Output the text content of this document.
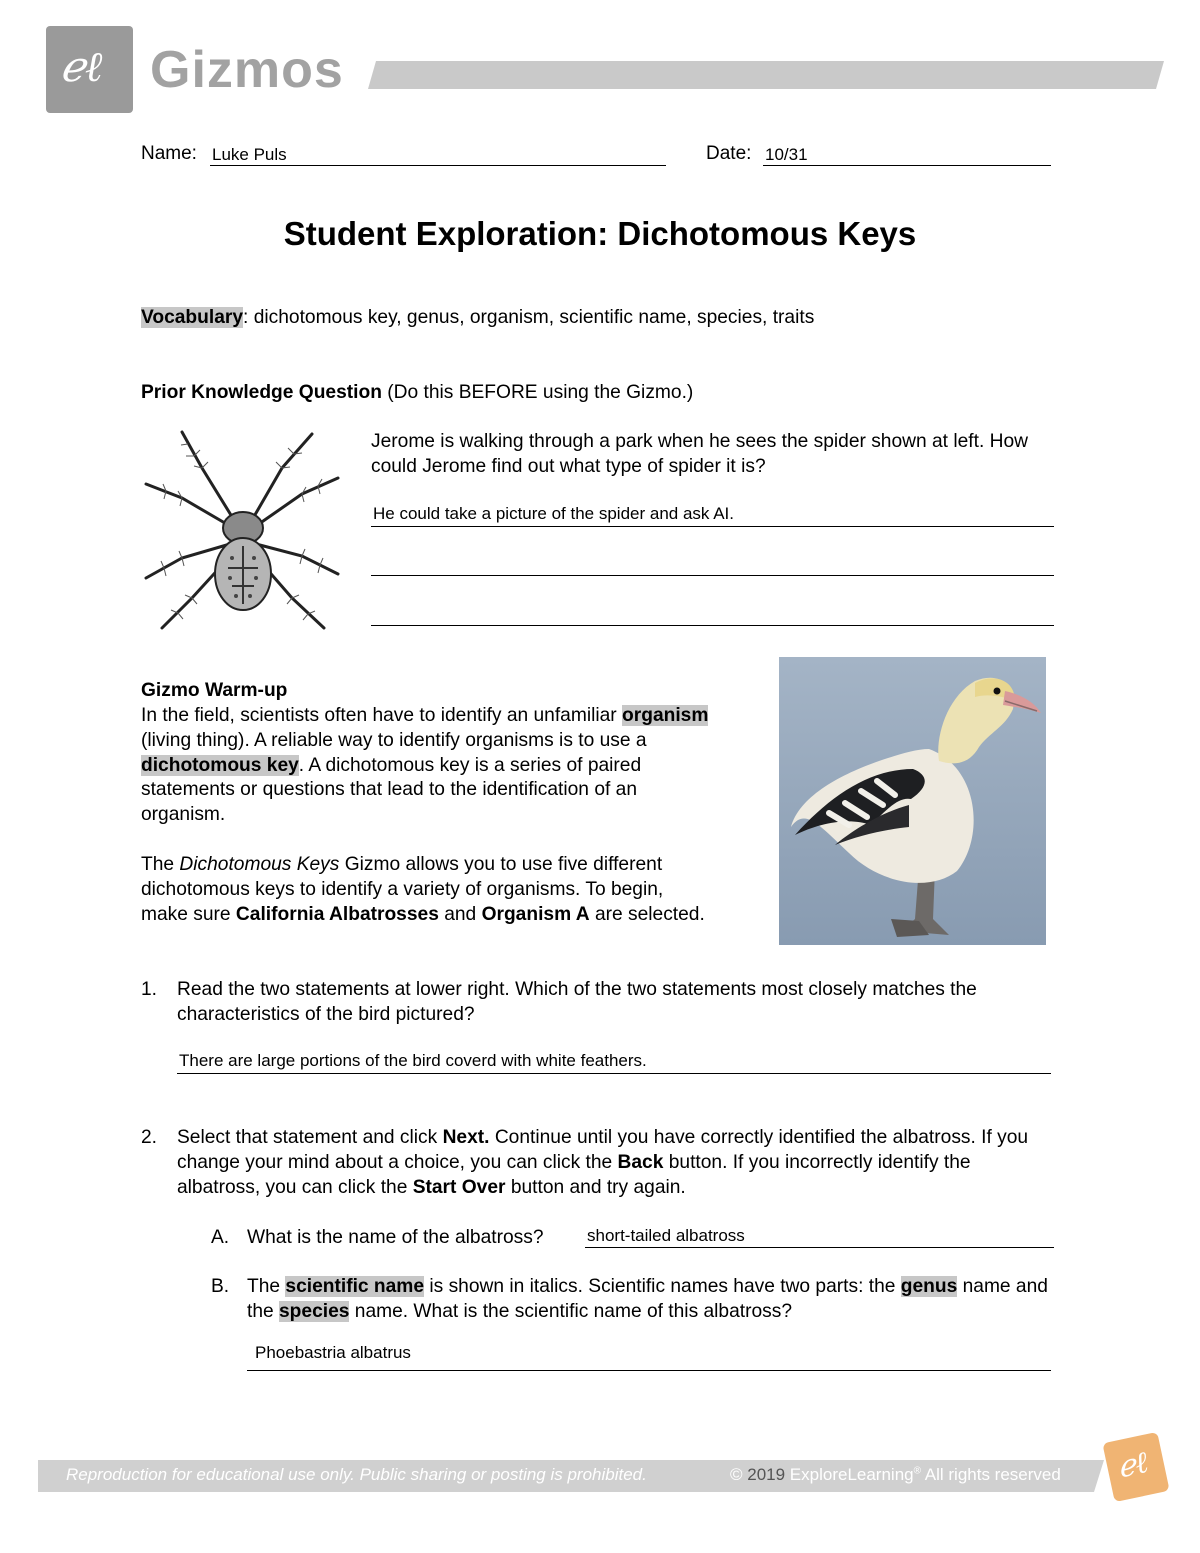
ℯℓ Gizmos
Name: Luke Puls	Date: 10/31
Student Exploration: Dichotomous Keys
Vocabulary: dichotomous key, genus, organism, scientific name, species, traits
Prior Knowledge Question (Do this BEFORE using the Gizmo.)
Jerome is walking through a park when he sees the spider shown at left. How could Jerome find out what type of spider it is?
He could take a picture of the spider and ask AI.
Gizmo Warm-up
In the field, scientists often have to identify an unfamiliar organism (living thing). A reliable way to identify organisms is to use a dichotomous key. A dichotomous key is a series of paired statements or questions that lead to the identification of an organism.
The Dichotomous Keys Gizmo allows you to use five different dichotomous keys to identify a variety of organisms. To begin, make sure California Albatrosses and Organism A are selected.
1. Read the two statements at lower right. Which of the two statements most closely matches the characteristics of the bird pictured?
There are large portions of the bird coverd with white feathers.
2. Select that statement and click Next. Continue until you have correctly identified the albatross. If you change your mind about a choice, you can click the Back button. If you incorrectly identify the albatross, you can click the Start Over button and try again.
A. What is the name of the albatross?	short-tailed albatross
B. The scientific name is shown in italics. Scientific names have two parts: the genus name and the species name. What is the scientific name of this albatross?
Phoebastria albatrus
Reproduction for educational use only. Public sharing or posting is prohibited.	© 2019 ExploreLearning® All rights reserved ℯℓ
